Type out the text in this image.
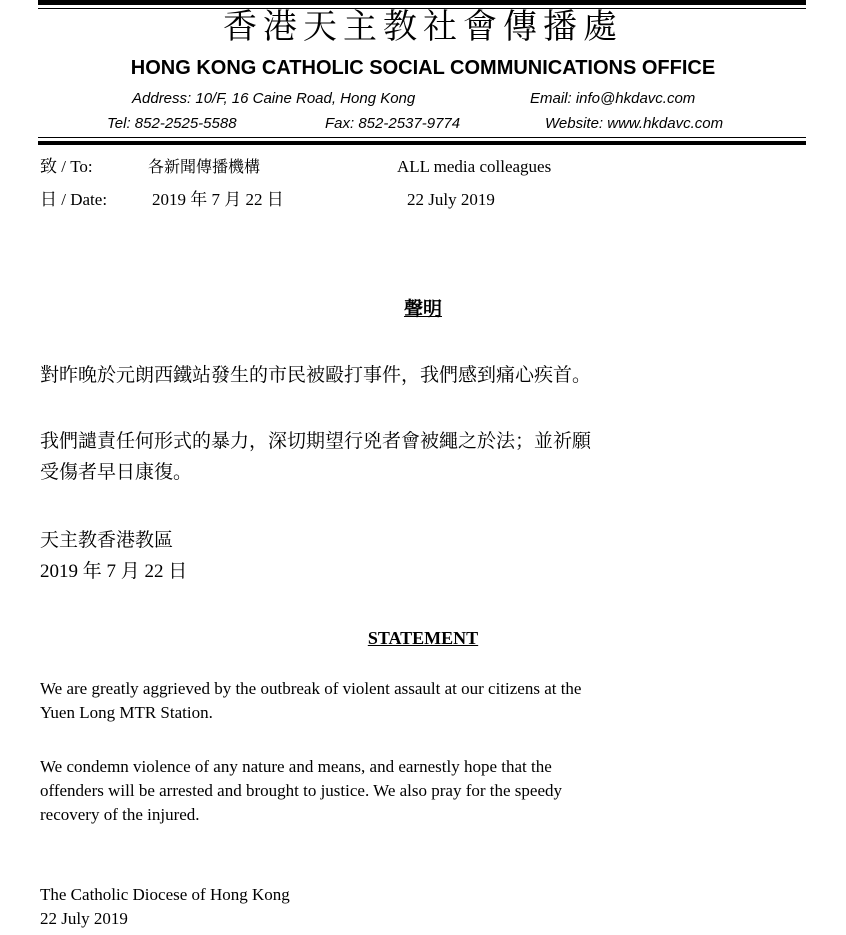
香港天主教社會傳播處
HONG KONG CATHOLIC SOCIAL COMMUNICATIONS OFFICE
Address: 10/F, 16 Caine Road, Hong Kong	Email: info@hkdavc.com
Tel: 852-2525-5588	Fax: 852-2537-9774	Website: www.hkdavc.com
致 / To:	各新聞傳播機構	ALL media colleagues
日 / Date:	2019 年 7 月 22 日	22 July 2019
聲明
對昨晚於元朗西鐵站發生的市民被毆打事件，我們感到痛心疾首。
我們譴責任何形式的暴力，深切期望行兇者會被繩之於法；並祈願
受傷者早日康復。
天主教香港教區
2019 年 7 月 22 日
STATEMENT
We are greatly aggrieved by the outbreak of violent assault at our citizens at the
Yuen Long MTR Station.
We condemn violence of any nature and means, and earnestly hope that the
offenders will be arrested and brought to justice. We also pray for the speedy
recovery of the injured.
The Catholic Diocese of Hong Kong
22 July 2019
